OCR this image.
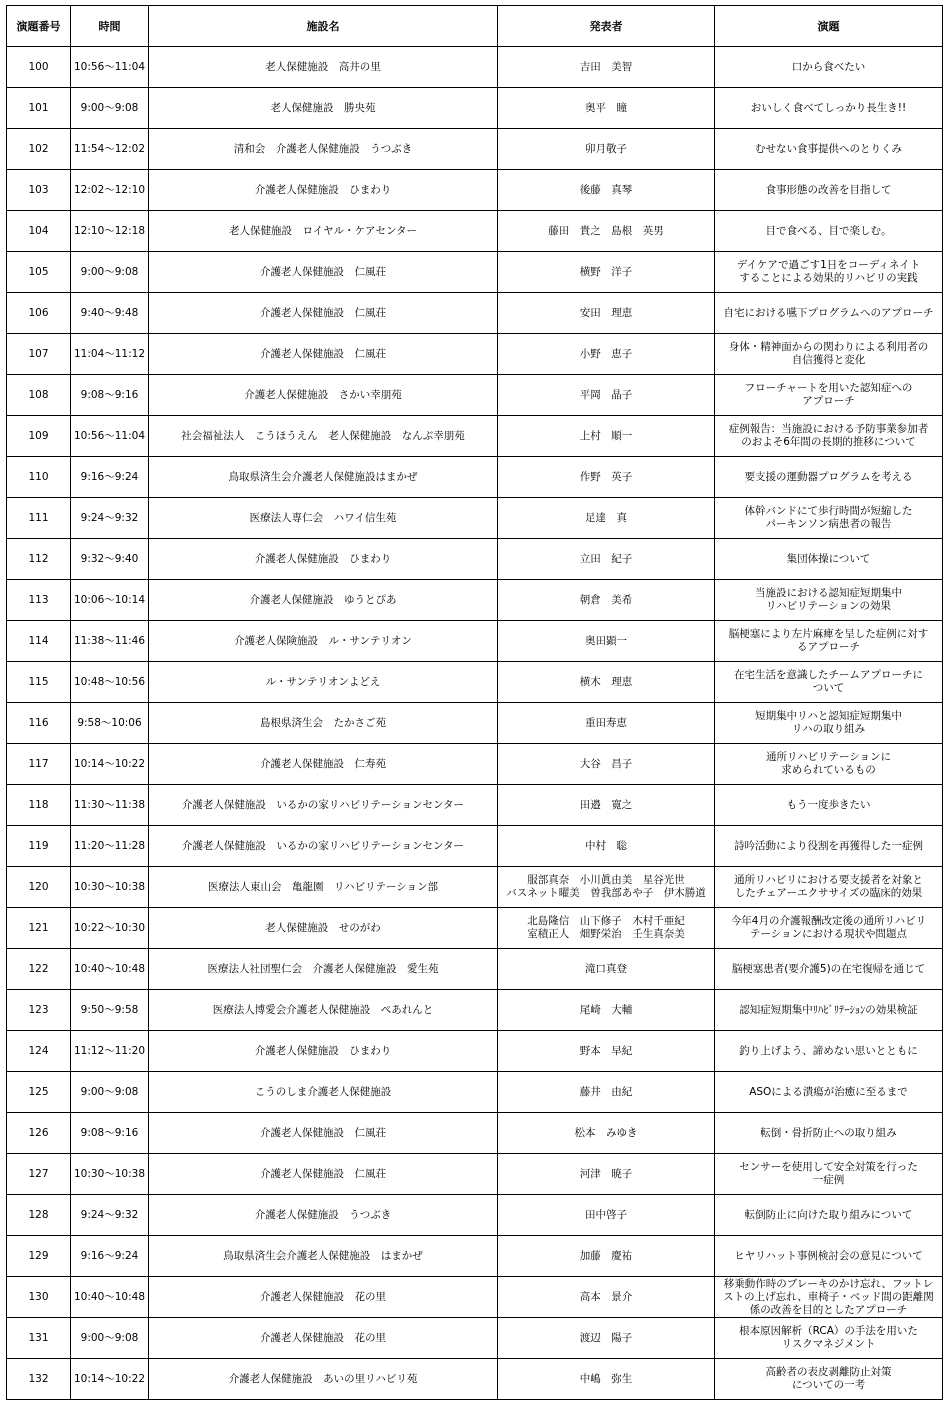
演題番号	時間	施設名	発表者	演題
100	10:56～11:04	老人保健施設　高井の里	吉田　美智	口から食べたい
101	9:00～9:08	老人保健施設　勝央苑	奥平　瞳	おいしく食べてしっかり長生き!!
102	11:54～12:02	清和会　介護老人保健施設　うつぶき	卯月敬子	むせない食事提供へのとりくみ
103	12:02～12:10	介護老人保健施設　ひまわり	後藤　真琴	食事形態の改善を目指して
104	12:10～12:18	老人保健施設　ロイヤル・ケアセンター	藤田　貴之　島根　英男	目で食べる、目で楽しむ。
105	9:00～9:08	介護老人保健施設　仁風荘	横野　洋子	デイケアで過ごす1日をコーディネイト
することによる効果的リハビリの実践
106	9:40～9:48	介護老人保健施設　仁風荘	安田　理恵	自宅における嚥下プログラムへのアプローチ
107	11:04～11:12	介護老人保健施設　仁風荘	小野　恵子	身体・精神面からの関わりによる利用者の
自信獲得と変化
108	9:08～9:16	介護老人保健施設　さかい幸朋苑	平岡　晶子	フローチャートを用いた認知症への
アプローチ
109	10:56～11:04	社会福祉法人　こうほうえん　老人保健施設　なんぶ幸朋苑	上村　順一	症例報告：当施設における予防事業参加者
のおよそ6年間の長期的推移について
110	9:16～9:24	鳥取県済生会介護老人保健施設はまかぜ	作野　英子	要支援の運動器プログラムを考える
111	9:24～9:32	医療法人専仁会　ハワイ信生苑	足達　真	体幹バンドにて歩行時間が短縮した
パーキンソン病患者の報告
112	9:32～9:40	介護老人保健施設　ひまわり	立田　紀子	集団体操について
113	10:06～10:14	介護老人保健施設　ゆうとぴあ	朝倉　美希	当施設における認知症短期集中
リハビリテーションの効果
114	11:38～11:46	介護老人保険施設　ル・サンテリオン	奥田顕一	脳梗塞により左片麻痺を呈した症例に対す
るアプローチ
115	10:48～10:56	ル・サンテリオンよどえ	横木　理恵	在宅生活を意識したチームアプローチに
ついて
116	9:58～10:06	島根県済生会　たかさご苑	重田寿恵	短期集中リハと認知症短期集中
リハの取り組み
117	10:14～10:22	介護老人保健施設　仁寿苑	大谷　昌子	通所リハビリテーションに
求められているもの
118	11:30～11:38	介護老人保健施設　いるかの家リハビリテーションセンター	田邉　寛之	もう一度歩きたい
119	11:20～11:28	介護老人保健施設　いるかの家リハビリテーションセンター	中村　聡	詩吟活動により役割を再獲得した一症例
120	10:30～10:38	医療法人東山会　亀龍園　リハビリテーション部	服部真奈　小川眞由美　星谷光世
バスネット曜美　曽我部あや子　伊木勝道	通所リハビリにおける要支援者を対象と
したチェアーエクササイズの臨床的効果
121	10:22～10:30	老人保健施設　せのがわ	北島隆信　山下修子　木村千亜紀
室積正人　畑野栄治　壬生真奈美	今年4月の介護報酬改定後の通所リハビリ
テーションにおける現状や問題点
122	10:40～10:48	医療法人社団聖仁会　介護老人保健施設　愛生苑	滝口真登	脳梗塞患者(要介護5)の在宅復帰を通じて
123	9:50～9:58	医療法人博愛会介護老人保健施設　ぺあれんと	尾崎　大輔	認知症短期集中ﾘﾊﾋﾞﾘﾃｰｼｮﾝの効果検証
124	11:12～11:20	介護老人保健施設　ひまわり	野本　早紀	釣り上げよう、諦めない思いとともに
125	9:00～9:08	こうのしま介護老人保健施設	藤井　由紀	ASOによる潰瘍が治癒に至るまで
126	9:08～9:16	介護老人保健施設　仁風荘	松本　みゆき	転倒・骨折防止への取り組み
127	10:30～10:38	介護老人保健施設　仁風荘	河津　暁子	センサーを使用して安全対策を行った
一症例
128	9:24～9:32	介護老人保健施設　うつぶき	田中啓子	転倒防止に向けた取り組みについて
129	9:16～9:24	鳥取県済生会介護老人保健施設　はまかぜ	加藤　慶祐	ヒヤリハット事例検討会の意見について
130	10:40～10:48	介護老人保健施設　花の里	高本　景介	移乗動作時のブレーキのかけ忘れ、フットレ
ストの上げ忘れ、車椅子・ベッド間の距離関
係の改善を目的としたアプローチ
131	9:00～9:08	介護老人保健施設　花の里	渡辺　陽子	根本原因解析（RCA）の手法を用いた
リスクマネジメント
132	10:14～10:22	介護老人保健施設　あいの里リハビリ苑	中嶋　弥生	高齢者の表皮剥離防止対策
についての一考
